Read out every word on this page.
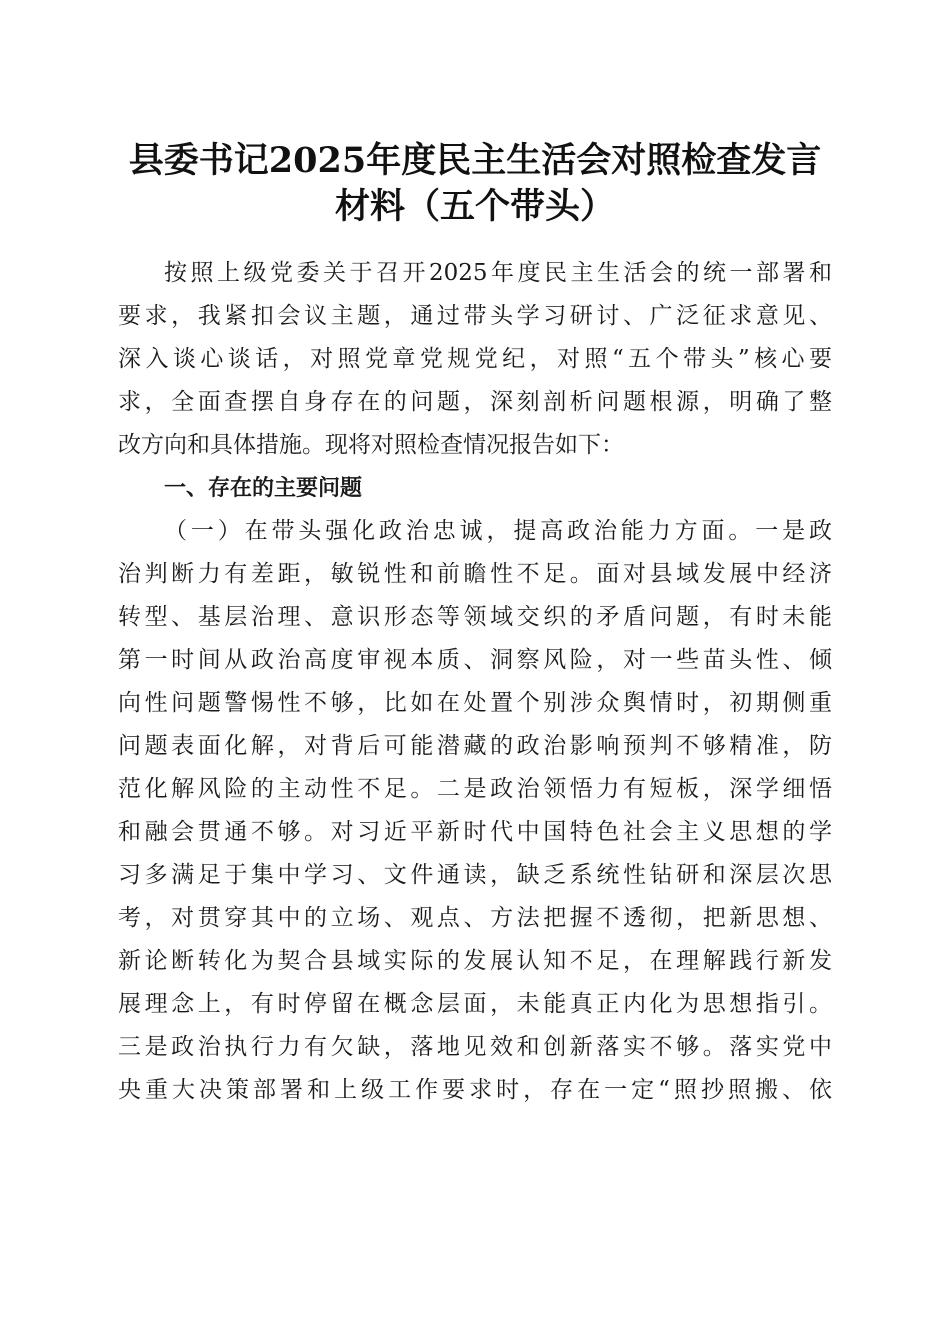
县委书记2025年度民主生活会对照检查发言
材料（五个带头）
按照上级党委关于召开2025年度民主生活会的统一部署和
要求，我紧扣会议主题，通过带头学习研讨、广泛征求意见、
深入谈心谈话，对照党章党规党纪，对照“五个带头”核心要
求，全面查摆自身存在的问题，深刻剖析问题根源，明确了整
改方向和具体措施。现将对照检查情况报告如下：
一、存在的主要问题
（一）在带头强化政治忠诚，提高政治能力方面。一是政
治判断力有差距，敏锐性和前瞻性不足。面对县域发展中经济
转型、基层治理、意识形态等领域交织的矛盾问题，有时未能
第一时间从政治高度审视本质、洞察风险，对一些苗头性、倾
向性问题警惕性不够，比如在处置个别涉众舆情时，初期侧重
问题表面化解，对背后可能潜藏的政治影响预判不够精准，防
范化解风险的主动性不足。二是政治领悟力有短板，深学细悟
和融会贯通不够。对习近平新时代中国特色社会主义思想的学
习多满足于集中学习、文件通读，缺乏系统性钻研和深层次思
考，对贯穿其中的立场、观点、方法把握不透彻，把新思想、
新论断转化为契合县域实际的发展认知不足，在理解践行新发
展理念上，有时停留在概念层面，未能真正内化为思想指引。
三是政治执行力有欠缺，落地见效和创新落实不够。落实党中
央重大决策部署和上级工作要求时，存在一定“照抄照搬、依
